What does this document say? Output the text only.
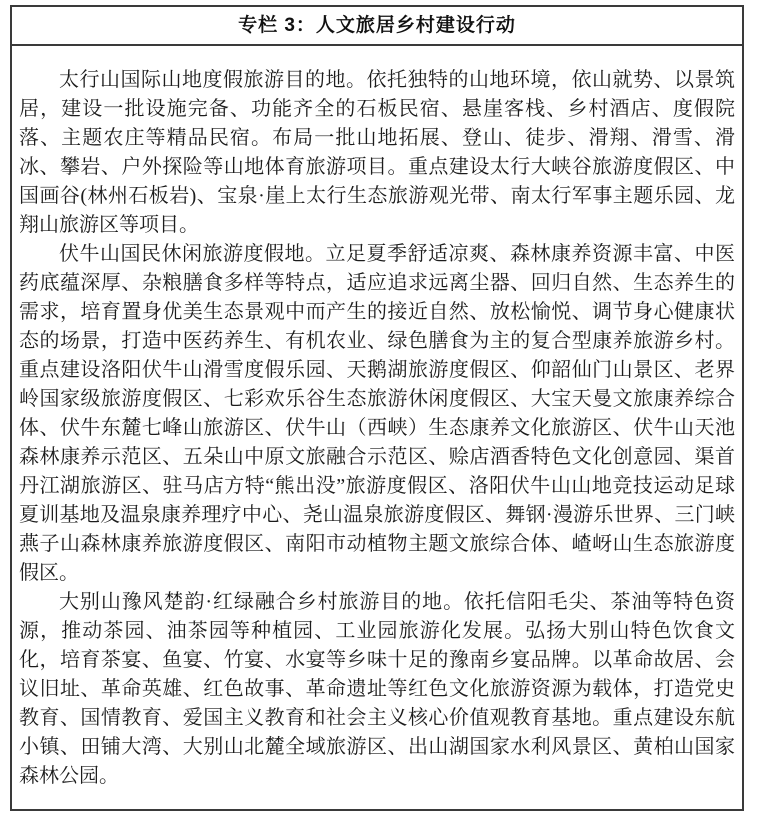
专栏 3：人文旅居乡村建设行动

太行山国际山地度假旅游目的地。依托独特的山地环境，依山就势、以景筑居，建设一批设施完备、功能齐全的石板民宿、悬崖客栈、乡村酒店、度假院落、主题农庄等精品民宿。布局一批山地拓展、登山、徒步、滑翔、滑雪、滑冰、攀岩、户外探险等山地体育旅游项目。重点建设太行大峡谷旅游度假区、中国画谷(林州石板岩)、宝泉·崖上太行生态旅游观光带、南太行军事主题乐园、龙翔山旅游区等项目。

伏牛山国民休闲旅游度假地。立足夏季舒适凉爽、森林康养资源丰富、中医药底蕴深厚、杂粮膳食多样等特点，适应追求远离尘器、回归自然、生态养生的需求，培育置身优美生态景观中而产生的接近自然、放松愉悦、调节身心健康状态的场景，打造中医药养生、有机农业、绿色膳食为主的复合型康养旅游乡村。重点建设洛阳伏牛山滑雪度假乐园、天鹅湖旅游度假区、仰韶仙门山景区、老界岭国家级旅游度假区、七彩欢乐谷生态旅游休闲度假区、大宝天曼文旅康养综合体、伏牛东麓七峰山旅游区、伏牛山（西峡）生态康养文化旅游区、伏牛山天池森林康养示范区、五朵山中原文旅融合示范区、赊店酒香特色文化创意园、渠首丹江湖旅游区、驻马店方特“熊出没”旅游度假区、洛阳伏牛山山地竞技运动足球夏训基地及温泉康养理疗中心、尧山温泉旅游度假区、舞钢·漫游乐世界、三门峡燕子山森林康养旅游度假区、南阳市动植物主题文旅综合体、嵖岈山生态旅游度假区。

大别山豫风楚韵·红绿融合乡村旅游目的地。依托信阳毛尖、茶油等特色资源，推动茶园、油茶园等种植园、工业园旅游化发展。弘扬大别山特色饮食文化，培育茶宴、鱼宴、竹宴、水宴等乡味十足的豫南乡宴品牌。以革命故居、会议旧址、革命英雄、红色故事、革命遗址等红色文化旅游资源为载体，打造党史教育、国情教育、爱国主义教育和社会主义核心价值观教育基地。重点建设东航小镇、田铺大湾、大别山北麓全域旅游区、出山湖国家水利风景区、黄柏山国家森林公园。
